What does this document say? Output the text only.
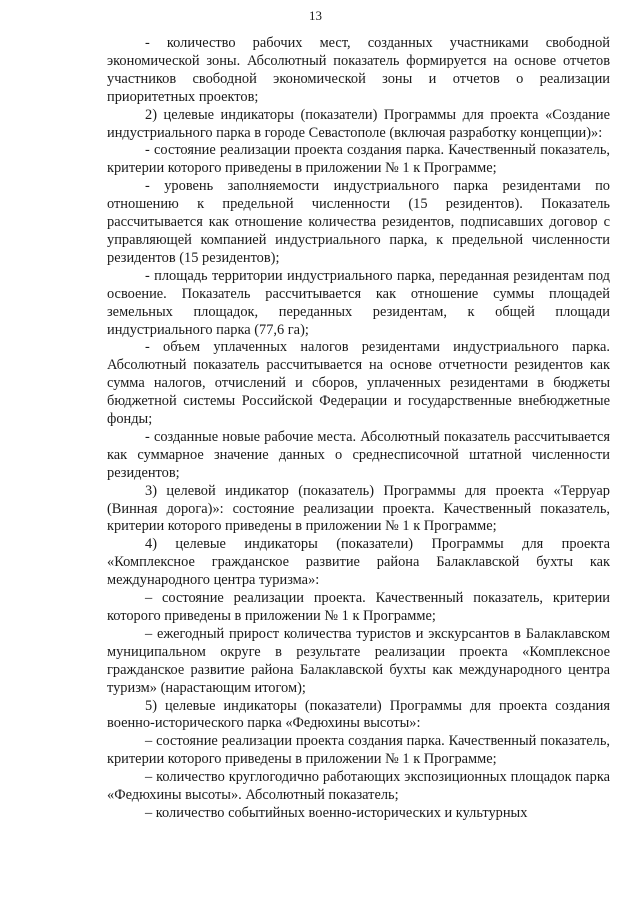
13

- количество рабочих мест, созданных участниками свободной экономической зоны. Абсолютный показатель формируется на основе отчетов участников свободной экономической зоны и отчетов о реализации приоритетных проектов;

2) целевые индикаторы (показатели) Программы для проекта «Создание индустриального парка в городе Севастополе (включая разработку концепции)»:

- состояние реализации проекта создания парка. Качественный показатель, критерии которого приведены в приложении № 1 к Программе;

- уровень заполняемости индустриального парка резидентами по отношению к предельной численности (15 резидентов). Показатель рассчитывается как отношение количества резидентов, подписавших договор с управляющей компанией индустриального парка, к предельной численности резидентов (15 резидентов);

- площадь территории индустриального парка, переданная резидентам под освоение. Показатель рассчитывается как отношение суммы площадей земельных площадок, переданных резидентам, к общей площади индустриального парка (77,6 га);

- объем уплаченных налогов резидентами индустриального парка. Абсолютный показатель рассчитывается на основе отчетности резидентов как сумма налогов, отчислений и сборов, уплаченных резидентами в бюджеты бюджетной системы Российской Федерации и государственные внебюджетные фонды;

- созданные новые рабочие места. Абсолютный показатель рассчитывается как суммарное значение данных о среднесписочной штатной численности резидентов;

3) целевой индикатор (показатель) Программы для проекта «Терруар (Винная дорога)»: состояние реализации проекта. Качественный показатель, критерии которого приведены в приложении № 1 к Программе;

4) целевые индикаторы (показатели) Программы для проекта «Комплексное гражданское развитие района Балаклавской бухты как международного центра туризма»:

– состояние реализации проекта. Качественный показатель, критерии которого приведены в приложении № 1 к Программе;

– ежегодный прирост количества туристов и экскурсантов в Балаклавском муниципальном округе в результате реализации проекта «Комплексное гражданское развитие района Балаклавской бухты как международного центра туризм» (нарастающим итогом);

5) целевые индикаторы (показатели) Программы для проекта создания военно-исторического парка «Федюхины высоты»:

– состояние реализации проекта создания парка. Качественный показатель, критерии которого приведены в приложении № 1 к Программе;

– количество круглогодично работающих экспозиционных площадок парка «Федюхины высоты». Абсолютный показатель;

– количество событийных военно-исторических и культурных
